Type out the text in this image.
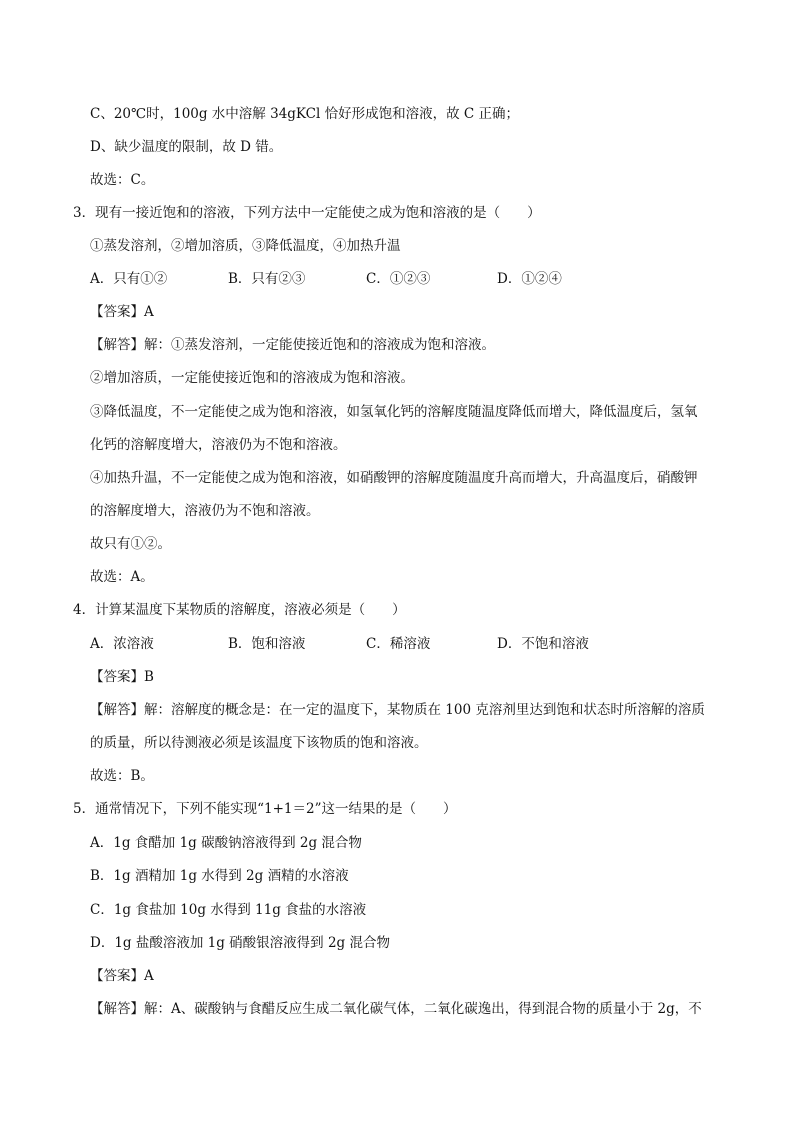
C、20℃时，100g 水中溶解 34gKCl 恰好形成饱和溶液，故 C 正确；
D、缺少温度的限制，故 D 错。
故选：C。
3．现有一接近饱和的溶液，下列方法中一定能使之成为饱和溶液的是（　　）
①蒸发溶剂，②增加溶质，③降低温度，④加热升温
A．只有①②	B．只有②③	C．①②③	D．①②④
【答案】A
【解答】解：①蒸发溶剂，一定能使接近饱和的溶液成为饱和溶液。
②增加溶质，一定能使接近饱和的溶液成为饱和溶液。
③降低温度，不一定能使之成为饱和溶液，如氢氧化钙的溶解度随温度降低而增大，降低温度后，氢氧
化钙的溶解度增大，溶液仍为不饱和溶液。
④加热升温，不一定能使之成为饱和溶液，如硝酸钾的溶解度随温度升高而增大，升高温度后，硝酸钾
的溶解度增大，溶液仍为不饱和溶液。
故只有①②。
故选：A。
4．计算某温度下某物质的溶解度，溶液必须是（　　）
A．浓溶液	B．饱和溶液	C．稀溶液	D．不饱和溶液
【答案】B
【解答】解：溶解度的概念是：在一定的温度下，某物质在 100 克溶剂里达到饱和状态时所溶解的溶质
的质量，所以待测液必须是该温度下该物质的饱和溶液。
故选：B。
5．通常情况下，下列不能实现“1+1＝2”这一结果的是（　　）
A．1g 食醋加 1g 碳酸钠溶液得到 2g 混合物
B．1g 酒精加 1g 水得到 2g 酒精的水溶液
C．1g 食盐加 10g 水得到 11g 食盐的水溶液
D．1g 盐酸溶液加 1g 硝酸银溶液得到 2g 混合物
【答案】A
【解答】解：A、碳酸钠与食醋反应生成二氧化碳气体，二氧化碳逸出，得到混合物的质量小于 2g，不
